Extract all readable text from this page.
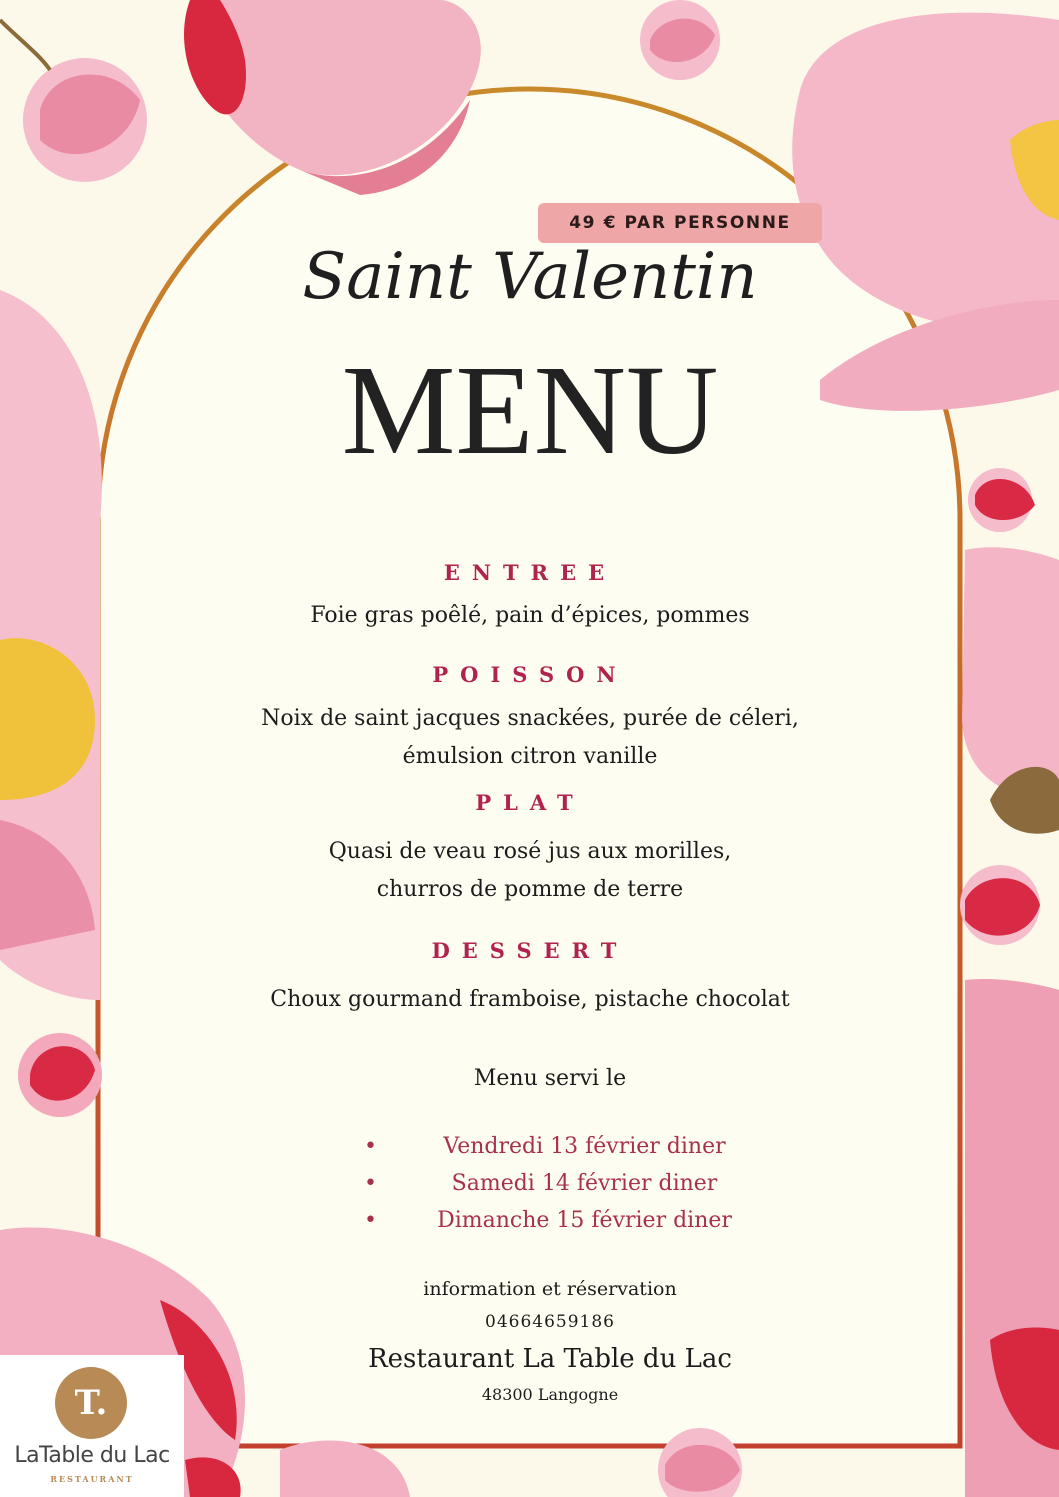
49 € PAR PERSONNE
Saint Valentin
MENU
ENTREE
Foie gras poêlé, pain d’épices, pommes
POISSON
Noix de saint jacques snackées, purée de céleri,
émulsion citron vanille
PLAT
Quasi de veau rosé jus aux morilles,
churros de pomme de terre
DESSERT
Choux gourmand framboise, pistache chocolat
Menu servi le
•	Vendredi 13 février diner
•	Samedi 14 février diner
•	Dimanche 15 février diner
information et réservation
04664659186
Restaurant La Table du Lac
48300 Langogne
T.
LaTable du Lac
RESTAURANT
